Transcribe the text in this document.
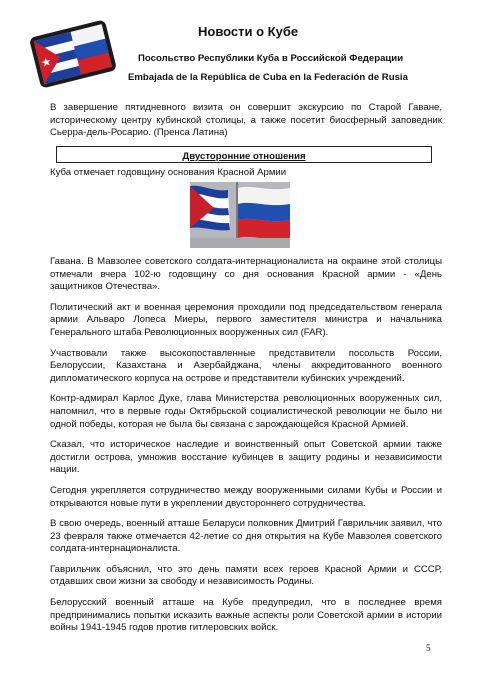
Новости о Кубе
Посольство Республики Куба в Российской Федерации
Embajada de la República de Cuba en la Federación de Rusia
В завершение пятидневного визита он совершит экскурсию по Старой Гаване, историческому центру кубинской столицы, а также посетит биосферный заповедник Сьерра-дель-Росарио. (Пренса Латина)
Двусторонние отношения
Куба отмечает годовщину основания Красной Армии

Гавана. В Мавзолее советского солдата-интернационалиста на окраине этой столицы отмечали вчера 102-ю годовщину со дня основания Красной армии - «День защитников Отечества».

Политический акт и военная церемония проходили под председательством генерала армии Альваро Лопеса Миеры, первого заместителя министра и начальника Генерального штаба Революционных вооруженных сил (FAR).

Участвовали также высокопоставленные представители посольств России, Белоруссии, Казахстана и Азербайджана, члены аккредитованного военного дипломатического корпуса на острове и представители кубинских учреждений.

Контр-адмирал Карлос Дуке, глава Министерства революционных вооруженных сил, напомнил, что в первые годы Октябрьской социалистической революции не было ни одной победы, которая не была бы связана с зарождающейся Красной Армией.

Сказал, что историческое наследие и воинственный опыт Советской армии также достигли острова, умножив восстание кубинцев в защиту родины и независимости нации.

Сегодня укрепляется сотрудничество между вооруженными силами Кубы и России и открываются новые пути в укреплении двустороннего сотрудничества.

В свою очередь, военный атташе Беларуси полковник Дмитрий Гаврильчик заявил, что 23 февраля также отмечается 42-летие со дня открытия на Кубе Мавзолея советского солдата-интернационалиста.

Гаврильчик объяснил, что это день памяти всех героев Красной Армии и СССР, отдавших свои жизни за свободу и независимость Родины.

Белорусский военный атташе на Кубе предупредил, что в последнее время предпринимались попытки исказить важные аспекты роли Советской армии в истории войны 1941-1945 годов против гитлеровских войск.

5
